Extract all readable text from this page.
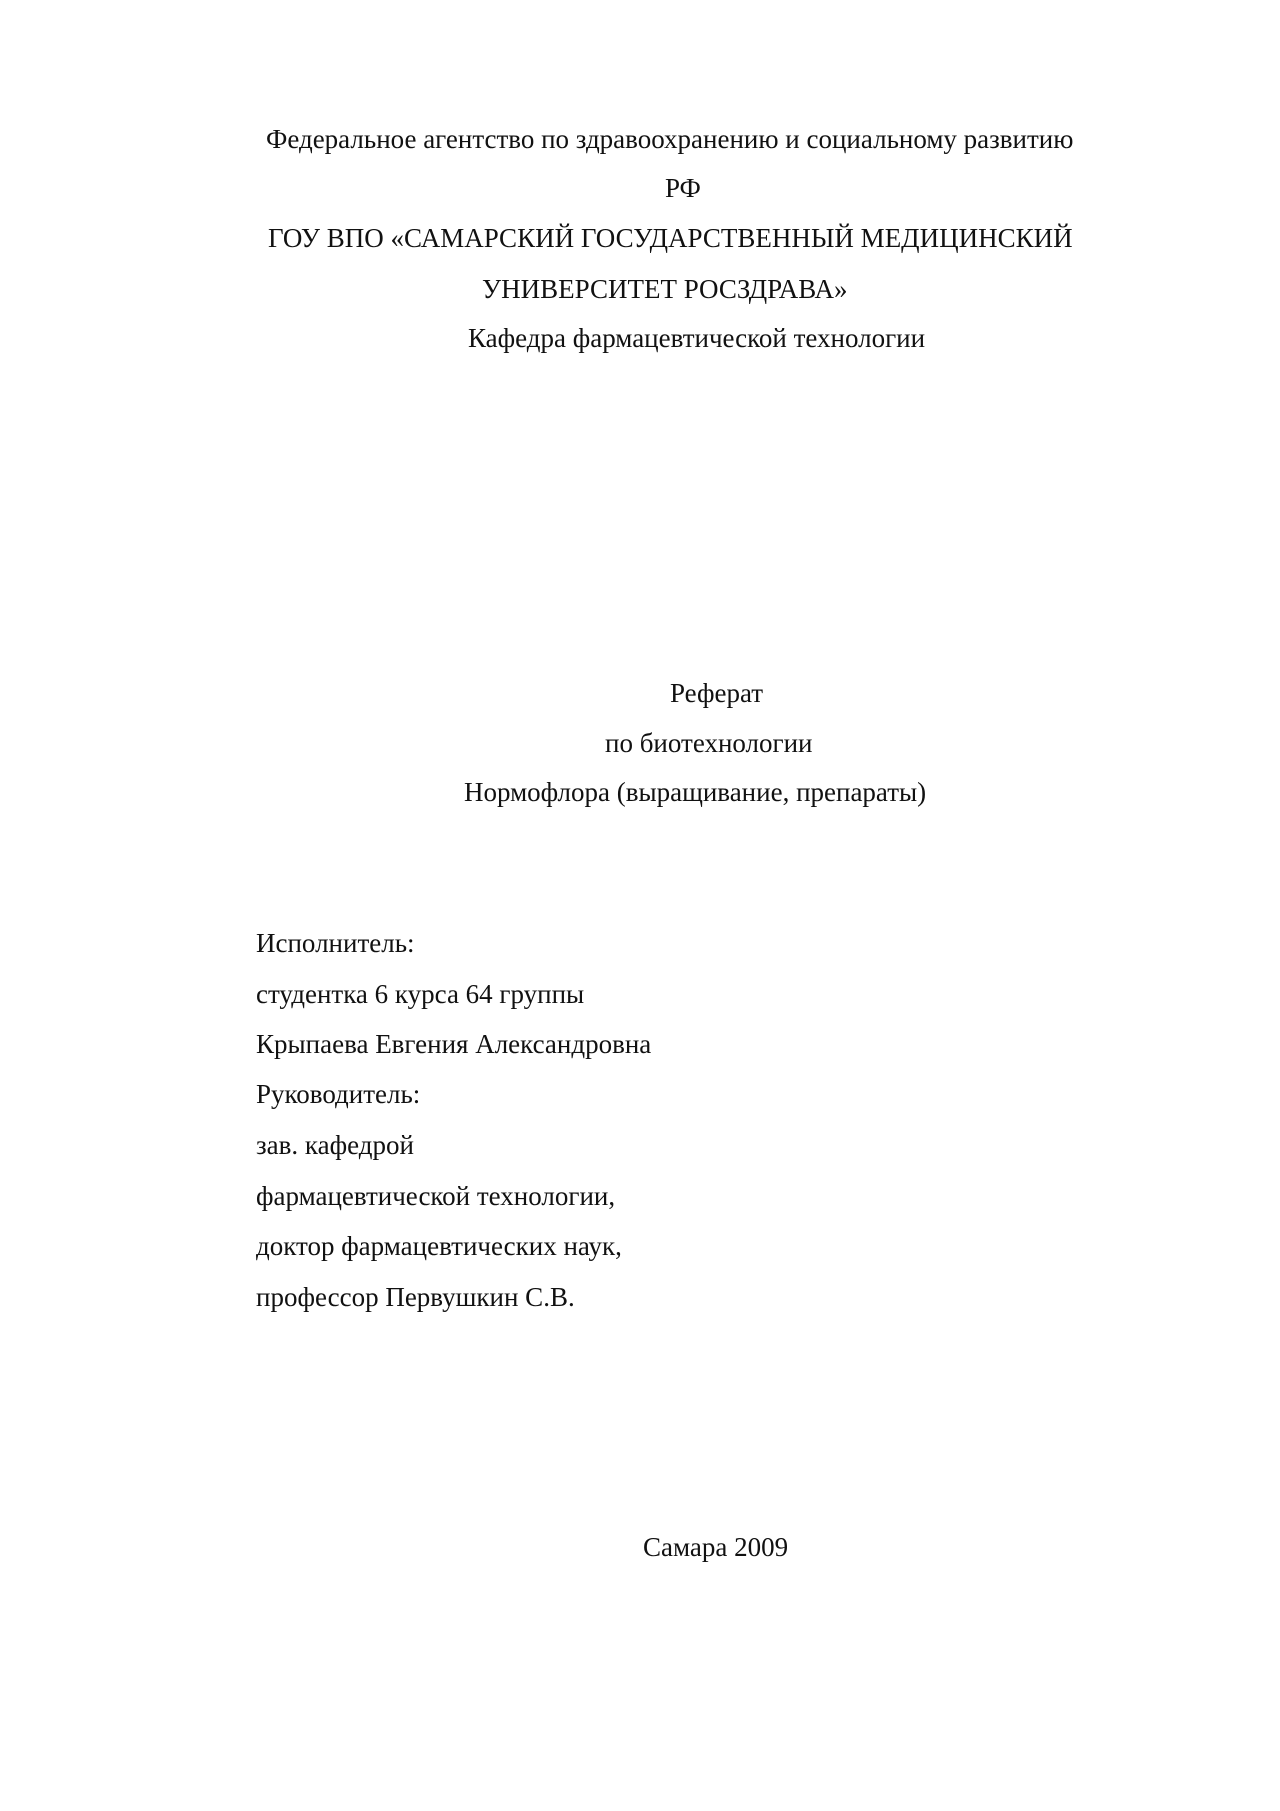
Федеральное агентство по здравоохранению и социальному развитию
РФ
ГОУ ВПО «САМАРСКИЙ ГОСУДАРСТВЕННЫЙ МЕДИЦИНСКИЙ
УНИВЕРСИТЕТ РОСЗДРАВА»
Кафедра фармацевтической технологии
Реферат
по биотехнологии
Нормофлора (выращивание, препараты)
Исполнитель:
студентка 6 курса 64 группы
Крыпаева Евгения Александровна
Руководитель:
зав. кафедрой
фармацевтической технологии,
доктор фармацевтических наук,
профессор Первушкин С.В.
Самара 2009
